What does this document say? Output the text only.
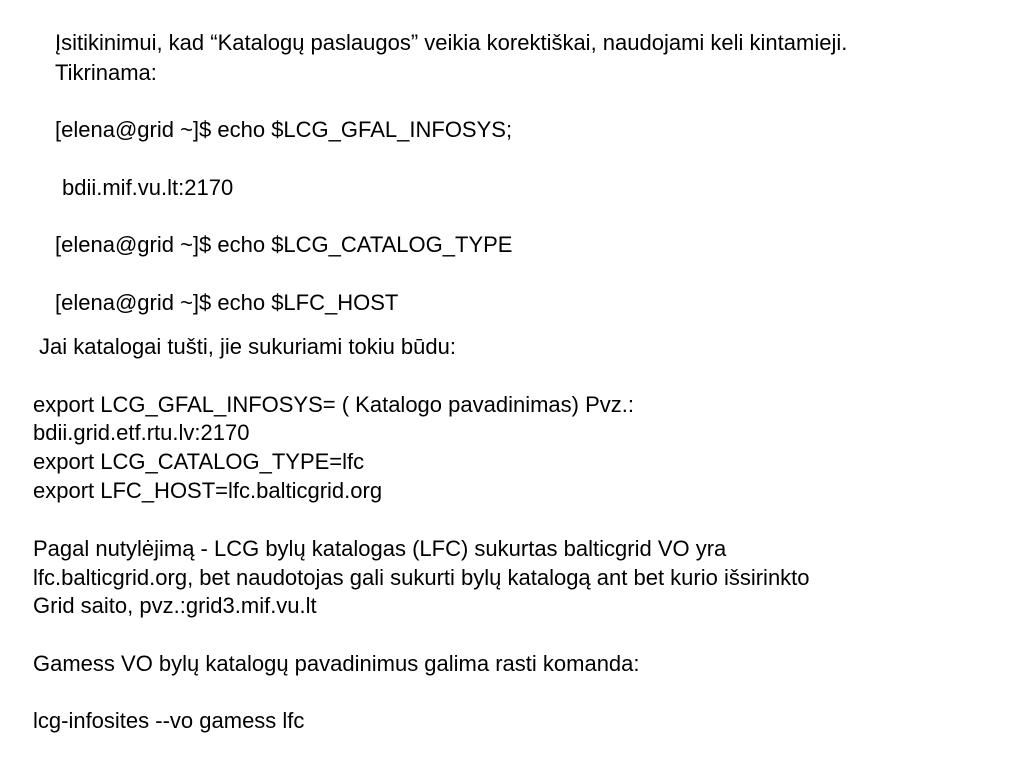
Įsitikinimui, kad “Katalogų paslaugos” veikia korektiškai, naudojami keli kintamieji.
Tikrinama:
[elena@grid ~]$ echo $LCG_GFAL_INFOSYS;
bdii.mif.vu.lt:2170
[elena@grid ~]$ echo $LCG_CATALOG_TYPE
[elena@grid ~]$ echo $LFC_HOST
Jai katalogai tušti, jie sukuriami tokiu būdu:
export LCG_GFAL_INFOSYS= ( Katalogo pavadinimas) Pvz.:
bdii.grid.etf.rtu.lv:2170
export LCG_CATALOG_TYPE=lfc
export LFC_HOST=lfc.balticgrid.org
Pagal nutylėjimą - LCG bylų katalogas (LFC) sukurtas balticgrid VO yra
lfc.balticgrid.org, bet naudotojas gali sukurti bylų katalogą ant bet kurio išsirinkto
Grid saito, pvz.:grid3.mif.vu.lt
Gamess VO bylų katalogų pavadinimus galima rasti komanda:
lcg-infosites --vo gamess lfc
